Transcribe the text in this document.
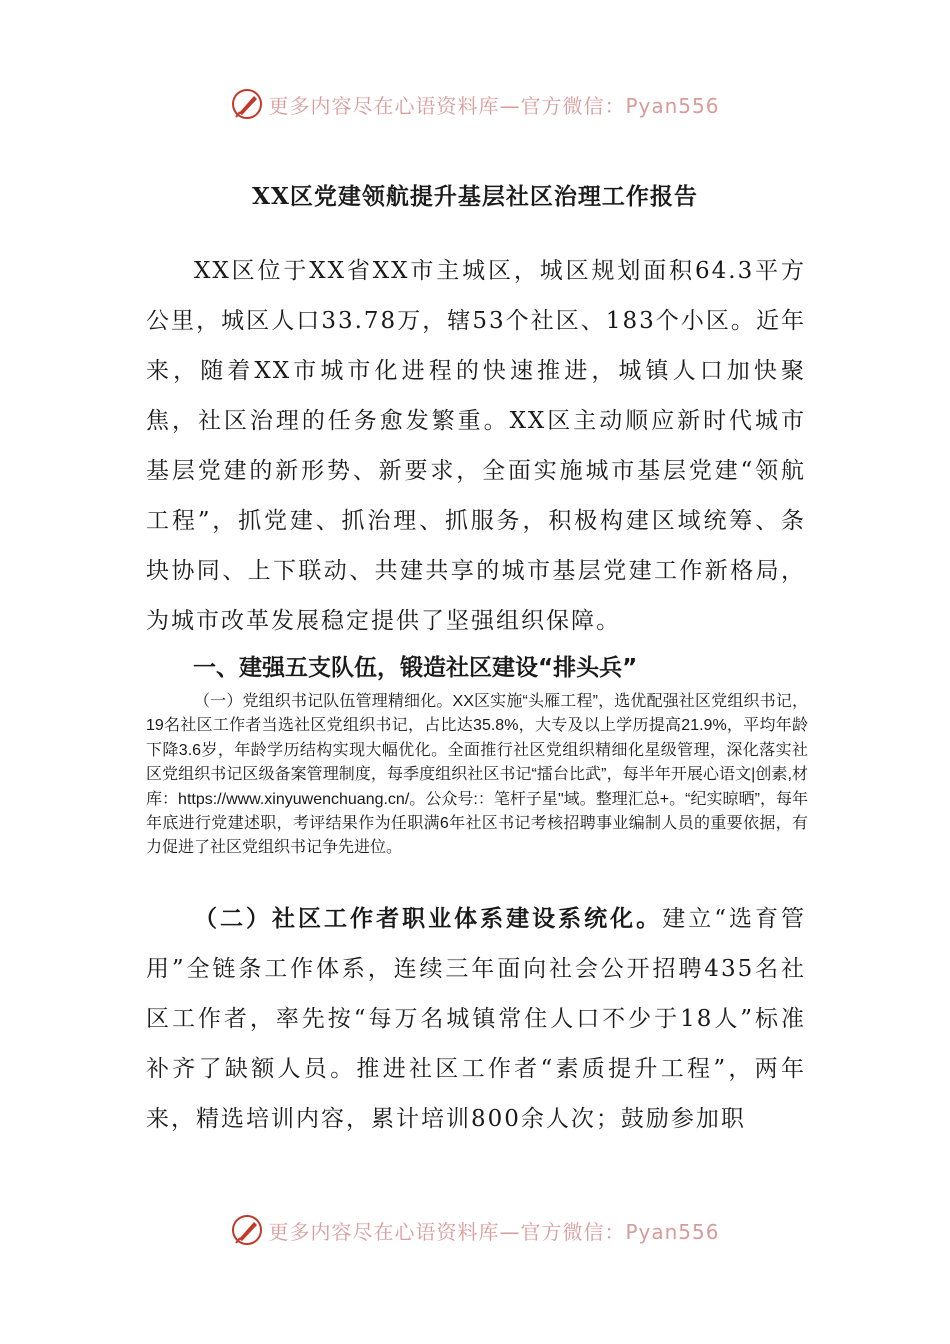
更多内容尽在心语资料库—官方微信：Pyan556
XX区党建领航提升基层社区治理工作报告

XX区位于XX省XX市主城区，城区规划面积64.3平方公里，城区人口33.78万，辖53个社区、183个小区。近年来，随着XX市城市化进程的快速推进，城镇人口加快聚焦，社区治理的任务愈发繁重。XX区主动顺应新时代城市基层党建的新形势、新要求，全面实施城市基层党建“领航工程”，抓党建、抓治理、抓服务，积极构建区域统筹、条块协同、上下联动、共建共享的城市基层党建工作新格局，为城市改革发展稳定提供了坚强组织保障。

一、建强五支队伍，锻造社区建设“排头兵”

（一）党组织书记队伍管理精细化。XX区实施“头雁工程”，选优配强社区党组织书记，19名社区工作者当选社区党组织书记，占比达35.8%，大专及以上学历提高21.9%，平均年龄下降3.6岁，年龄学历结构实现大幅优化。全面推行社区党组织精细化星级管理，深化落实社区党组织书记区级备案管理制度，每季度组织社区书记“擂台比武”，每半年开展心语文|创素,材库：https://www.xinyuwenchuang.cn/。公众号:：笔杆子星"域。整理汇总+。“纪实晾晒”，每年年底进行党建述职，考评结果作为任职满6年社区书记考核招聘事业编制人员的重要依据，有力促进了社区党组织书记争先进位。

（二）社区工作者职业体系建设系统化。建立“选育管用”全链条工作体系，连续三年面向社会公开招聘435名社区工作者，率先按“每万名城镇常住人口不少于18人”标准补齐了缺额人员。推进社区工作者“素质提升工程”，两年来，精选培训内容，累计培训800余人次；鼓励参加职

更多内容尽在心语资料库—官方微信：Pyan556
